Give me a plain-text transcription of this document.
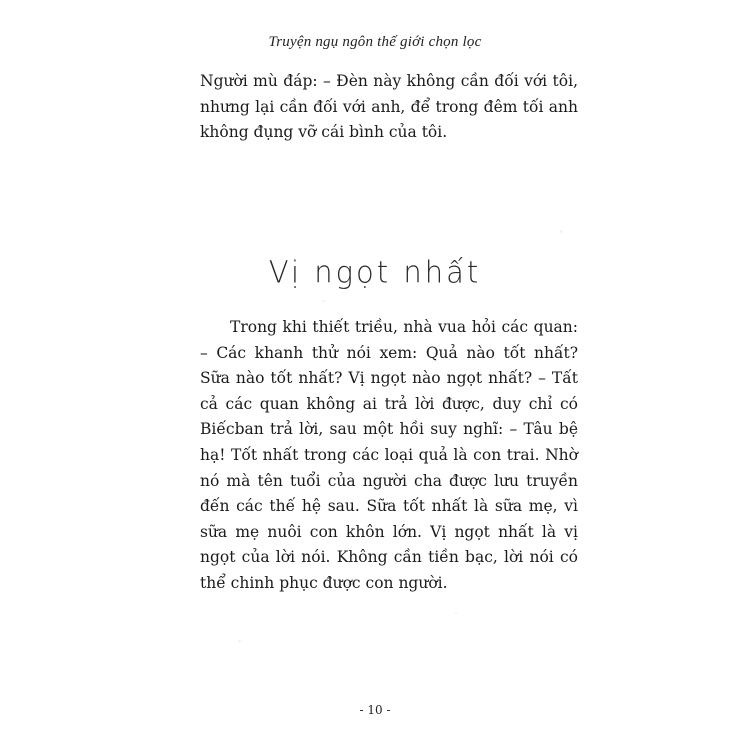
Truyện ngụ ngôn thế giới chọn lọc

Người mù đáp: – Đèn này không cần đối với tôi, nhưng lại cần đối với anh, để trong đêm tối anh không đụng vỡ cái bình của tôi.

Vị ngọt nhất

Trong khi thiết triều, nhà vua hỏi các quan: – Các khanh thử nói xem: Quả nào tốt nhất? Sữa nào tốt nhất? Vị ngọt nào ngọt nhất? – Tất cả các quan không ai trả lời được, duy chỉ có Biếcban trả lời, sau một hồi suy nghĩ: – Tâu bệ hạ! Tốt nhất trong các loại quả là con trai. Nhờ nó mà tên tuổi của người cha được lưu truyền đến các thế hệ sau. Sữa tốt nhất là sữa mẹ, vì sữa mẹ nuôi con khôn lớn. Vị ngọt nhất là vị ngọt của lời nói. Không cần tiền bạc, lời nói có thể chinh phục được con người.

- 10 -
